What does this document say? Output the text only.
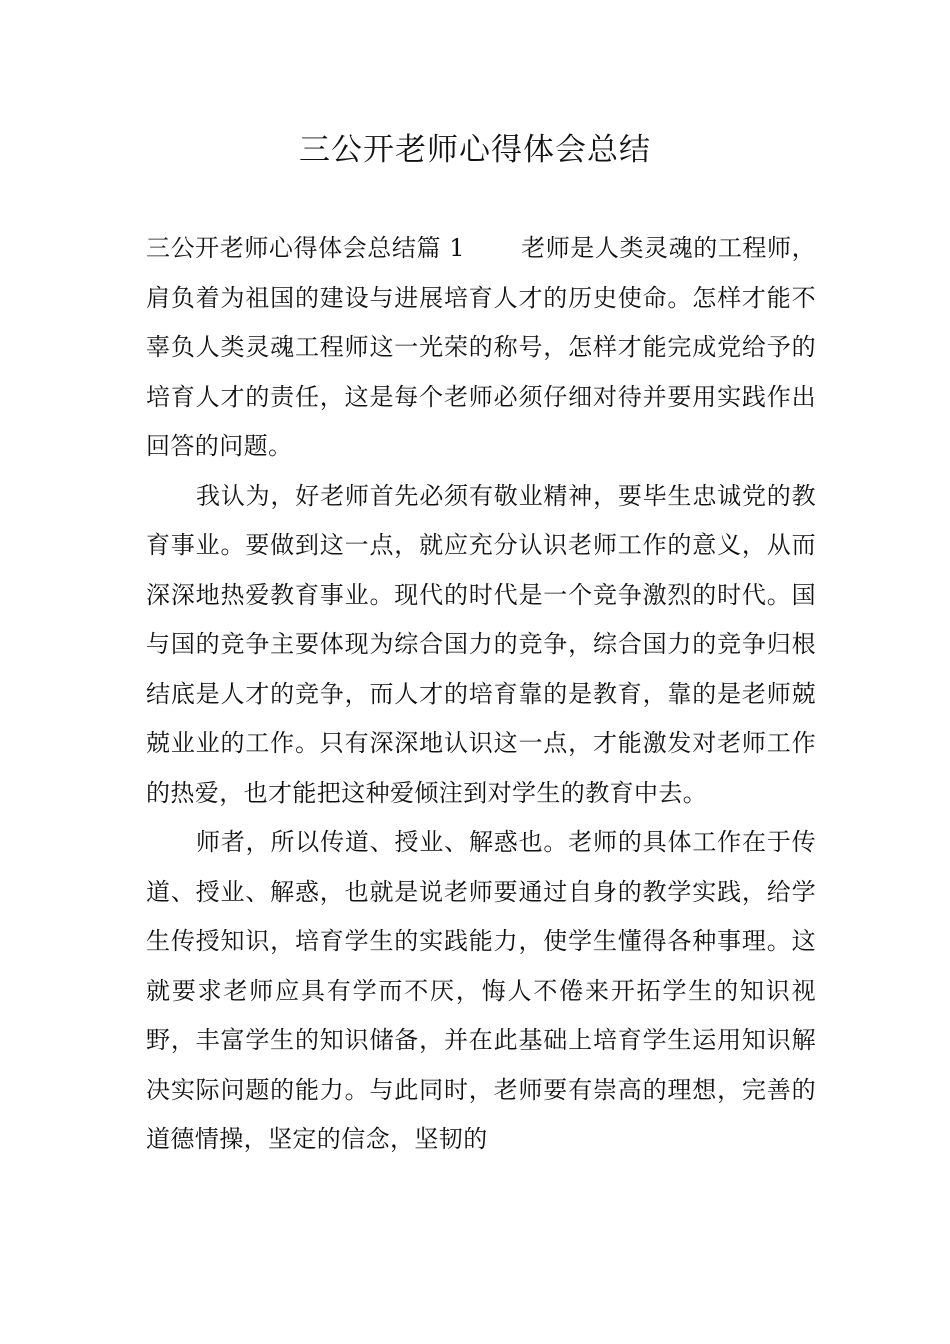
三公开老师心得体会总结

三公开老师心得体会总结篇 1 老师是人类灵魂的工程师，肩负着为祖国的建设与进展培育人才的历史使命。怎样才能不辜负人类灵魂工程师这一光荣的称号，怎样才能完成党给予的培育人才的责任，这是每个老师必须仔细对待并要用实践作出回答的问题。

我认为，好老师首先必须有敬业精神，要毕生忠诚党的教育事业。要做到这一点，就应充分认识老师工作的意义，从而深深地热爱教育事业。现代的时代是一个竞争激烈的时代。国与国的竞争主要体现为综合国力的竞争，综合国力的竞争归根结底是人才的竞争，而人才的培育靠的是教育，靠的是老师兢兢业业的工作。只有深深地认识这一点，才能激发对老师工作的热爱，也才能把这种爱倾注到对学生的教育中去。

师者，所以传道、授业、解惑也。老师的具体工作在于传道、授业、解惑，也就是说老师要通过自身的教学实践，给学生传授知识，培育学生的实践能力，使学生懂得各种事理。这就要求老师应具有学而不厌，悔人不倦来开拓学生的知识视野，丰富学生的知识储备，并在此基础上培育学生运用知识解决实际问题的能力。与此同时，老师要有崇高的理想，完善的道德情操，坚定的信念，坚韧的
